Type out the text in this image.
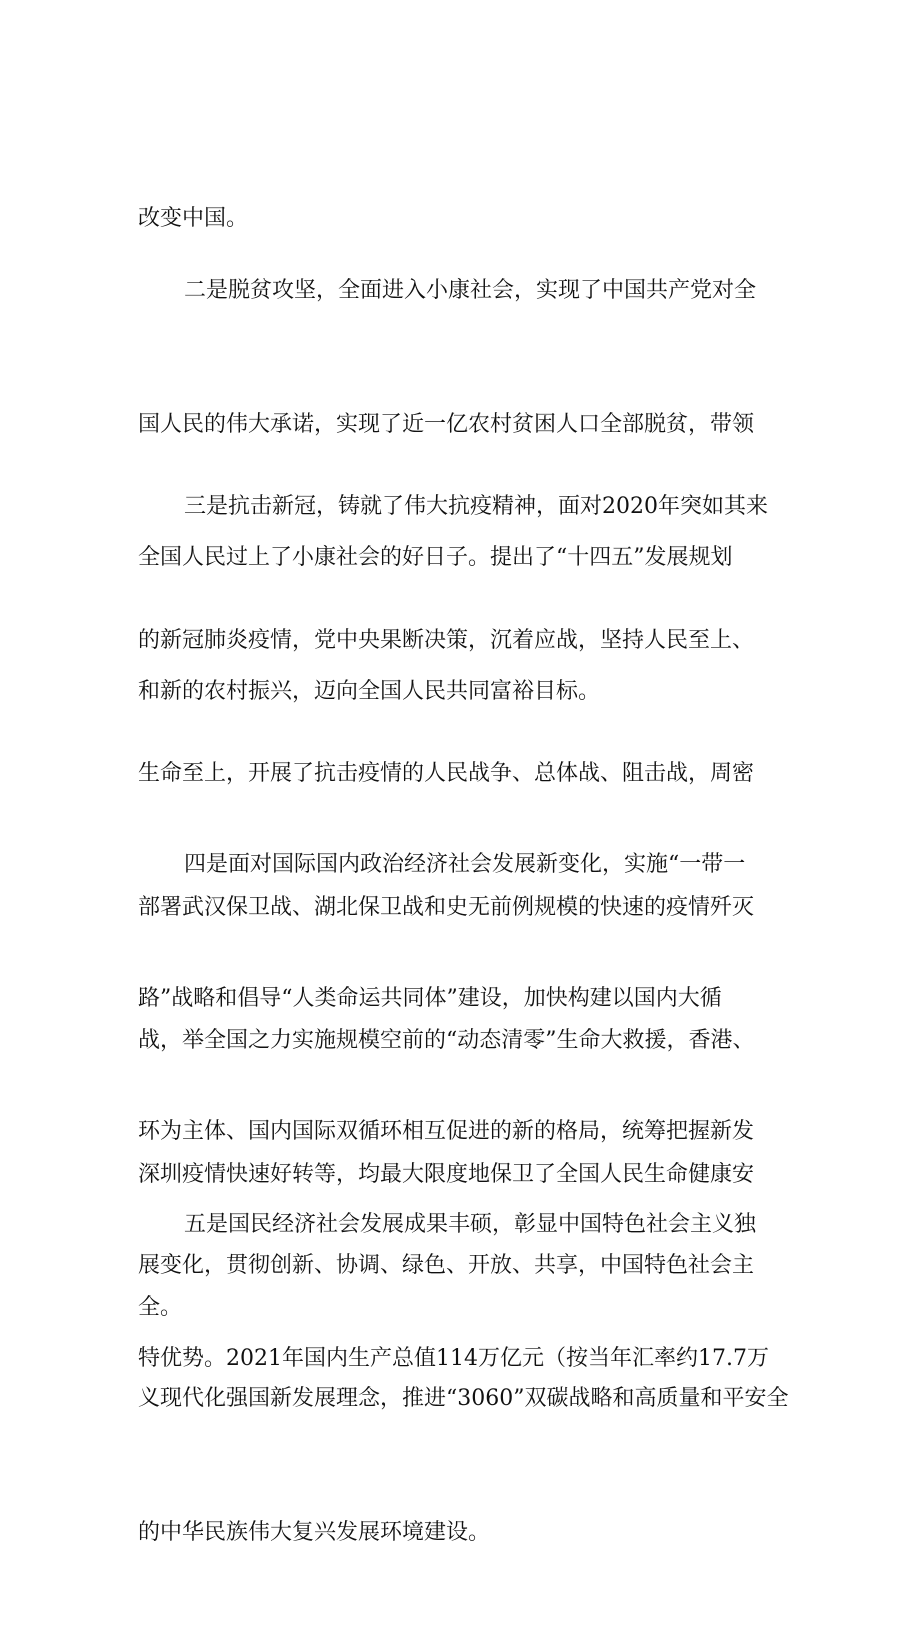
改变中国。

二是脱贫攻坚，全面进入小康社会，实现了中国共产党对全

国人民的伟大承诺，实现了近一亿农村贫困人口全部脱贫，带领

全国人民过上了小康社会的好日子。提出了“十四五”发展规划

和新的农村振兴，迈向全国人民共同富裕目标。

三是抗击新冠，铸就了伟大抗疫精神，面对2020年突如其来

的新冠肺炎疫情，党中央果断决策，沉着应战，坚持人民至上、

生命至上，开展了抗击疫情的人民战争、总体战、阻击战，周密

部署武汉保卫战、湖北保卫战和史无前例规模的快速的疫情歼灭

战，举全国之力实施规模空前的“动态清零”生命大救援，香港、

深圳疫情快速好转等，均最大限度地保卫了全国人民生命健康安

全。

四是面对国际国内政治经济社会发展新变化，实施“一带一

路”战略和倡导“人类命运共同体”建设，加快构建以国内大循

环为主体、国内国际双循环相互促进的新的格局，统筹把握新发

展变化，贯彻创新、协调、绿色、开放、共享，中国特色社会主

义现代化强国新发展理念，推进“3060”双碳战略和高质量和平安全

的中华民族伟大复兴发展环境建设。

五是国民经济社会发展成果丰硕，彰显中国特色社会主义独

特优势。2021年国内生产总值114万亿元（按当年汇率约17.7万
